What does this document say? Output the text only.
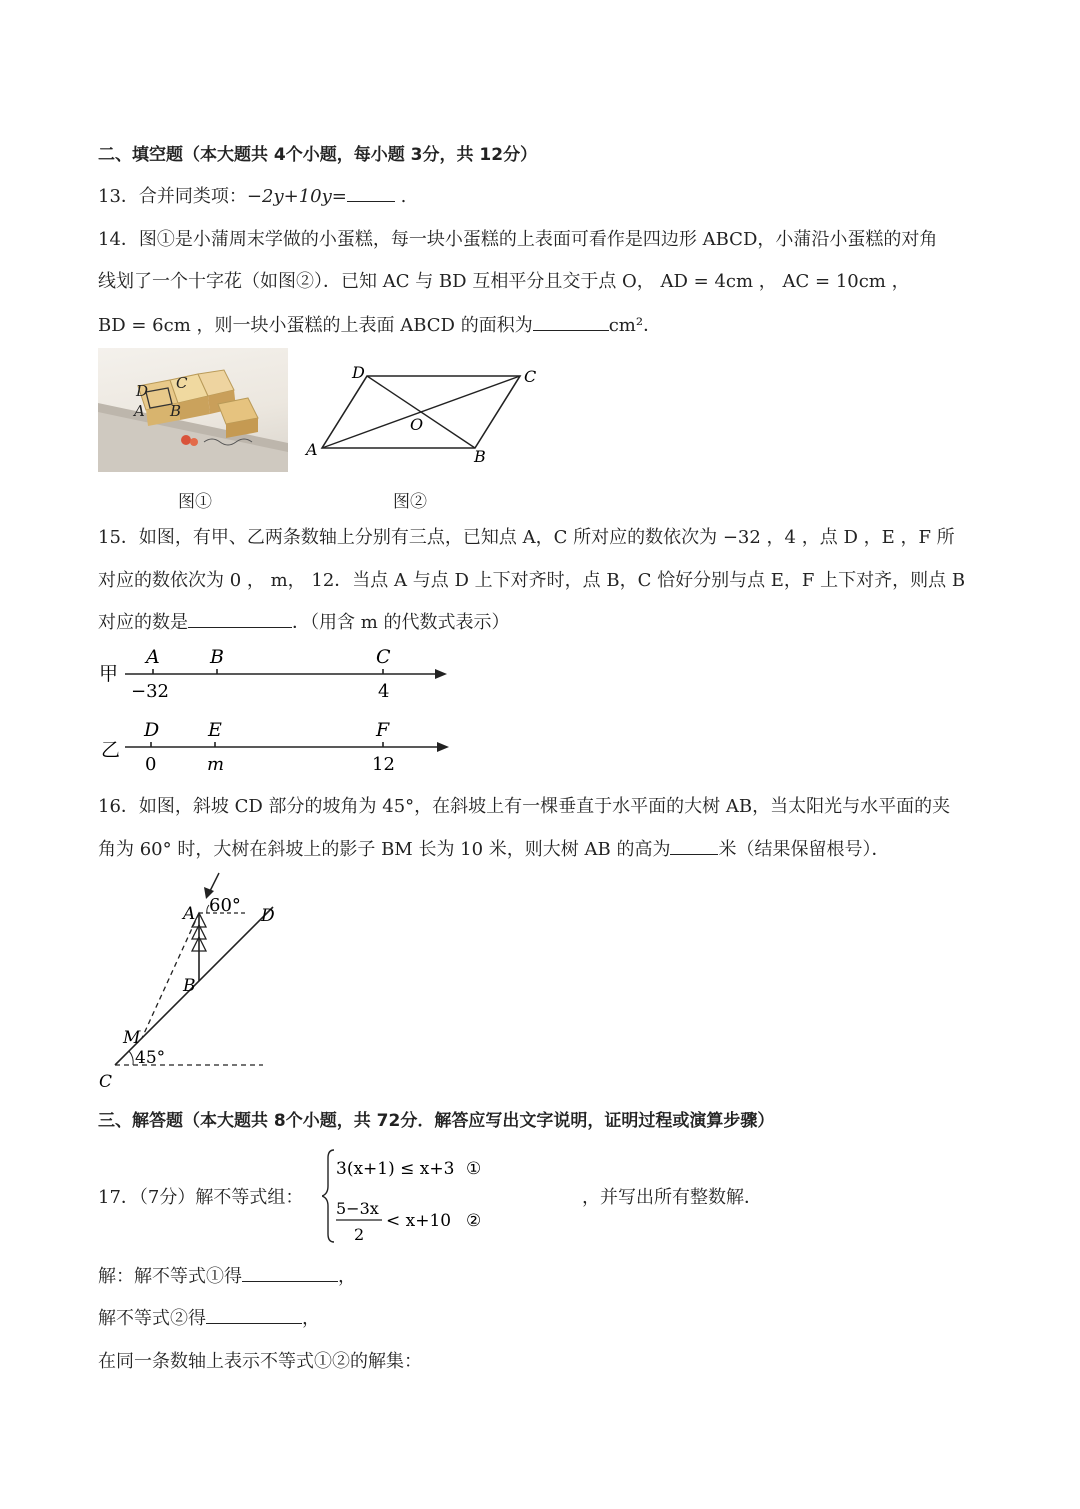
二、填空题（本大题共 4个小题，每小题 3分，共 12分）
13．合并同类项：−2y+10y=	.
14．图①是小蒲周末学做的小蛋糕，每一块小蛋糕的上表面可看作是四边形 ABCD，小蒲沿小蛋糕的对角
线划了一个十字花（如图②）．已知 AC 与 BD 互相平分且交于点 O， AD = 4cm ， AC = 10cm ，
BD = 6cm ，则一块小蛋糕的上表面 ABCD 的面积为	cm²．
D C
A B
图①
A	B
C
D
O
图②
15．如图，有甲、乙两条数轴上分别有三点，已知点 A，C 所对应的数依次为 −32 ，4 ，点 D ，E ，F 所
对应的数依次为 0 ， m， 12．当点 A 与点 D 上下对齐时，点 B，C 恰好分别与点 E，F 上下对齐，则点 B
对应的数是	．（用含 m 的代数式表示）
甲
A	B	C
−32	4
乙
D	E	F
0	m	12
16．如图，斜坡 CD 部分的坡角为 45°，在斜坡上有一棵垂直于水平面的大树 AB，当太阳光与水平面的夹
角为 60° 时，大树在斜坡上的影子 BM 长为 10 米，则大树 AB 的高为	米（结果保留根号）．
60°
45°
A
B
C
D
M
三、解答题（本大题共 8个小题，共 72分．解答应写出文字说明，证明过程或演算步骤）
17．（7分）解不等式组：
3(x+1) ≤ x+3 ①
5−3x
2
< x+10 ②
，并写出所有整数解．
解：解不等式①得	，
解不等式②得	，
在同一条数轴上表示不等式①②的解集：
